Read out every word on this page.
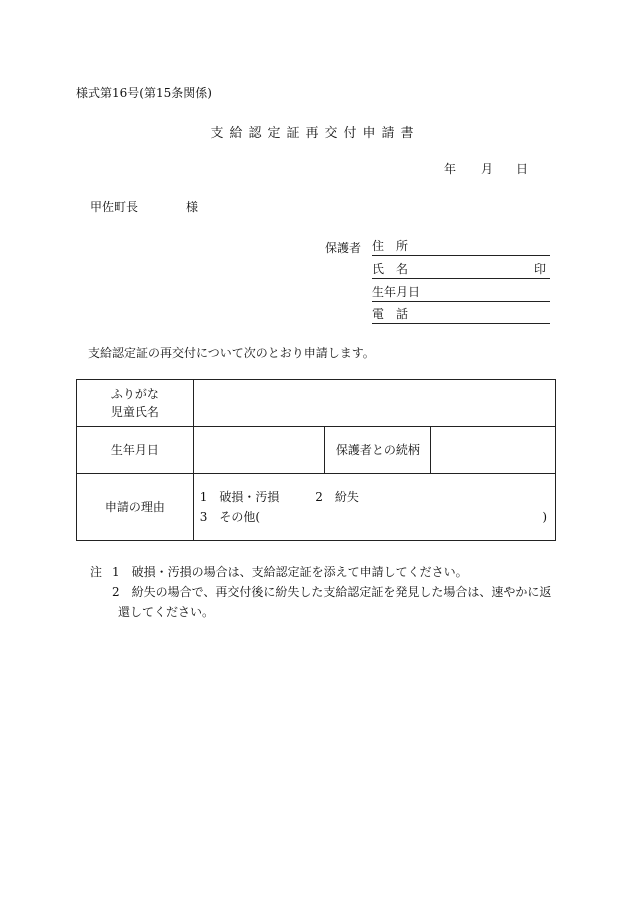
様式第16号(第15条関係)
支給認定証再交付申請書
年 月 日
甲佐町長	様
保護者 住　所
氏　名	印
生年月日
電　話
支給認定証の再交付について次のとおり申請します。
ふりがな
児童氏名			

生年月日		保護者との続柄	
申請の理由	1　破損・汚損 2　紛失
3　その他( )		
注 1　破損・汚損の場合は、支給認定証を添えて申請してください。
2　紛失の場合で、再交付後に紛失した支給認定証を発見した場合は、速やかに返
還してください。
